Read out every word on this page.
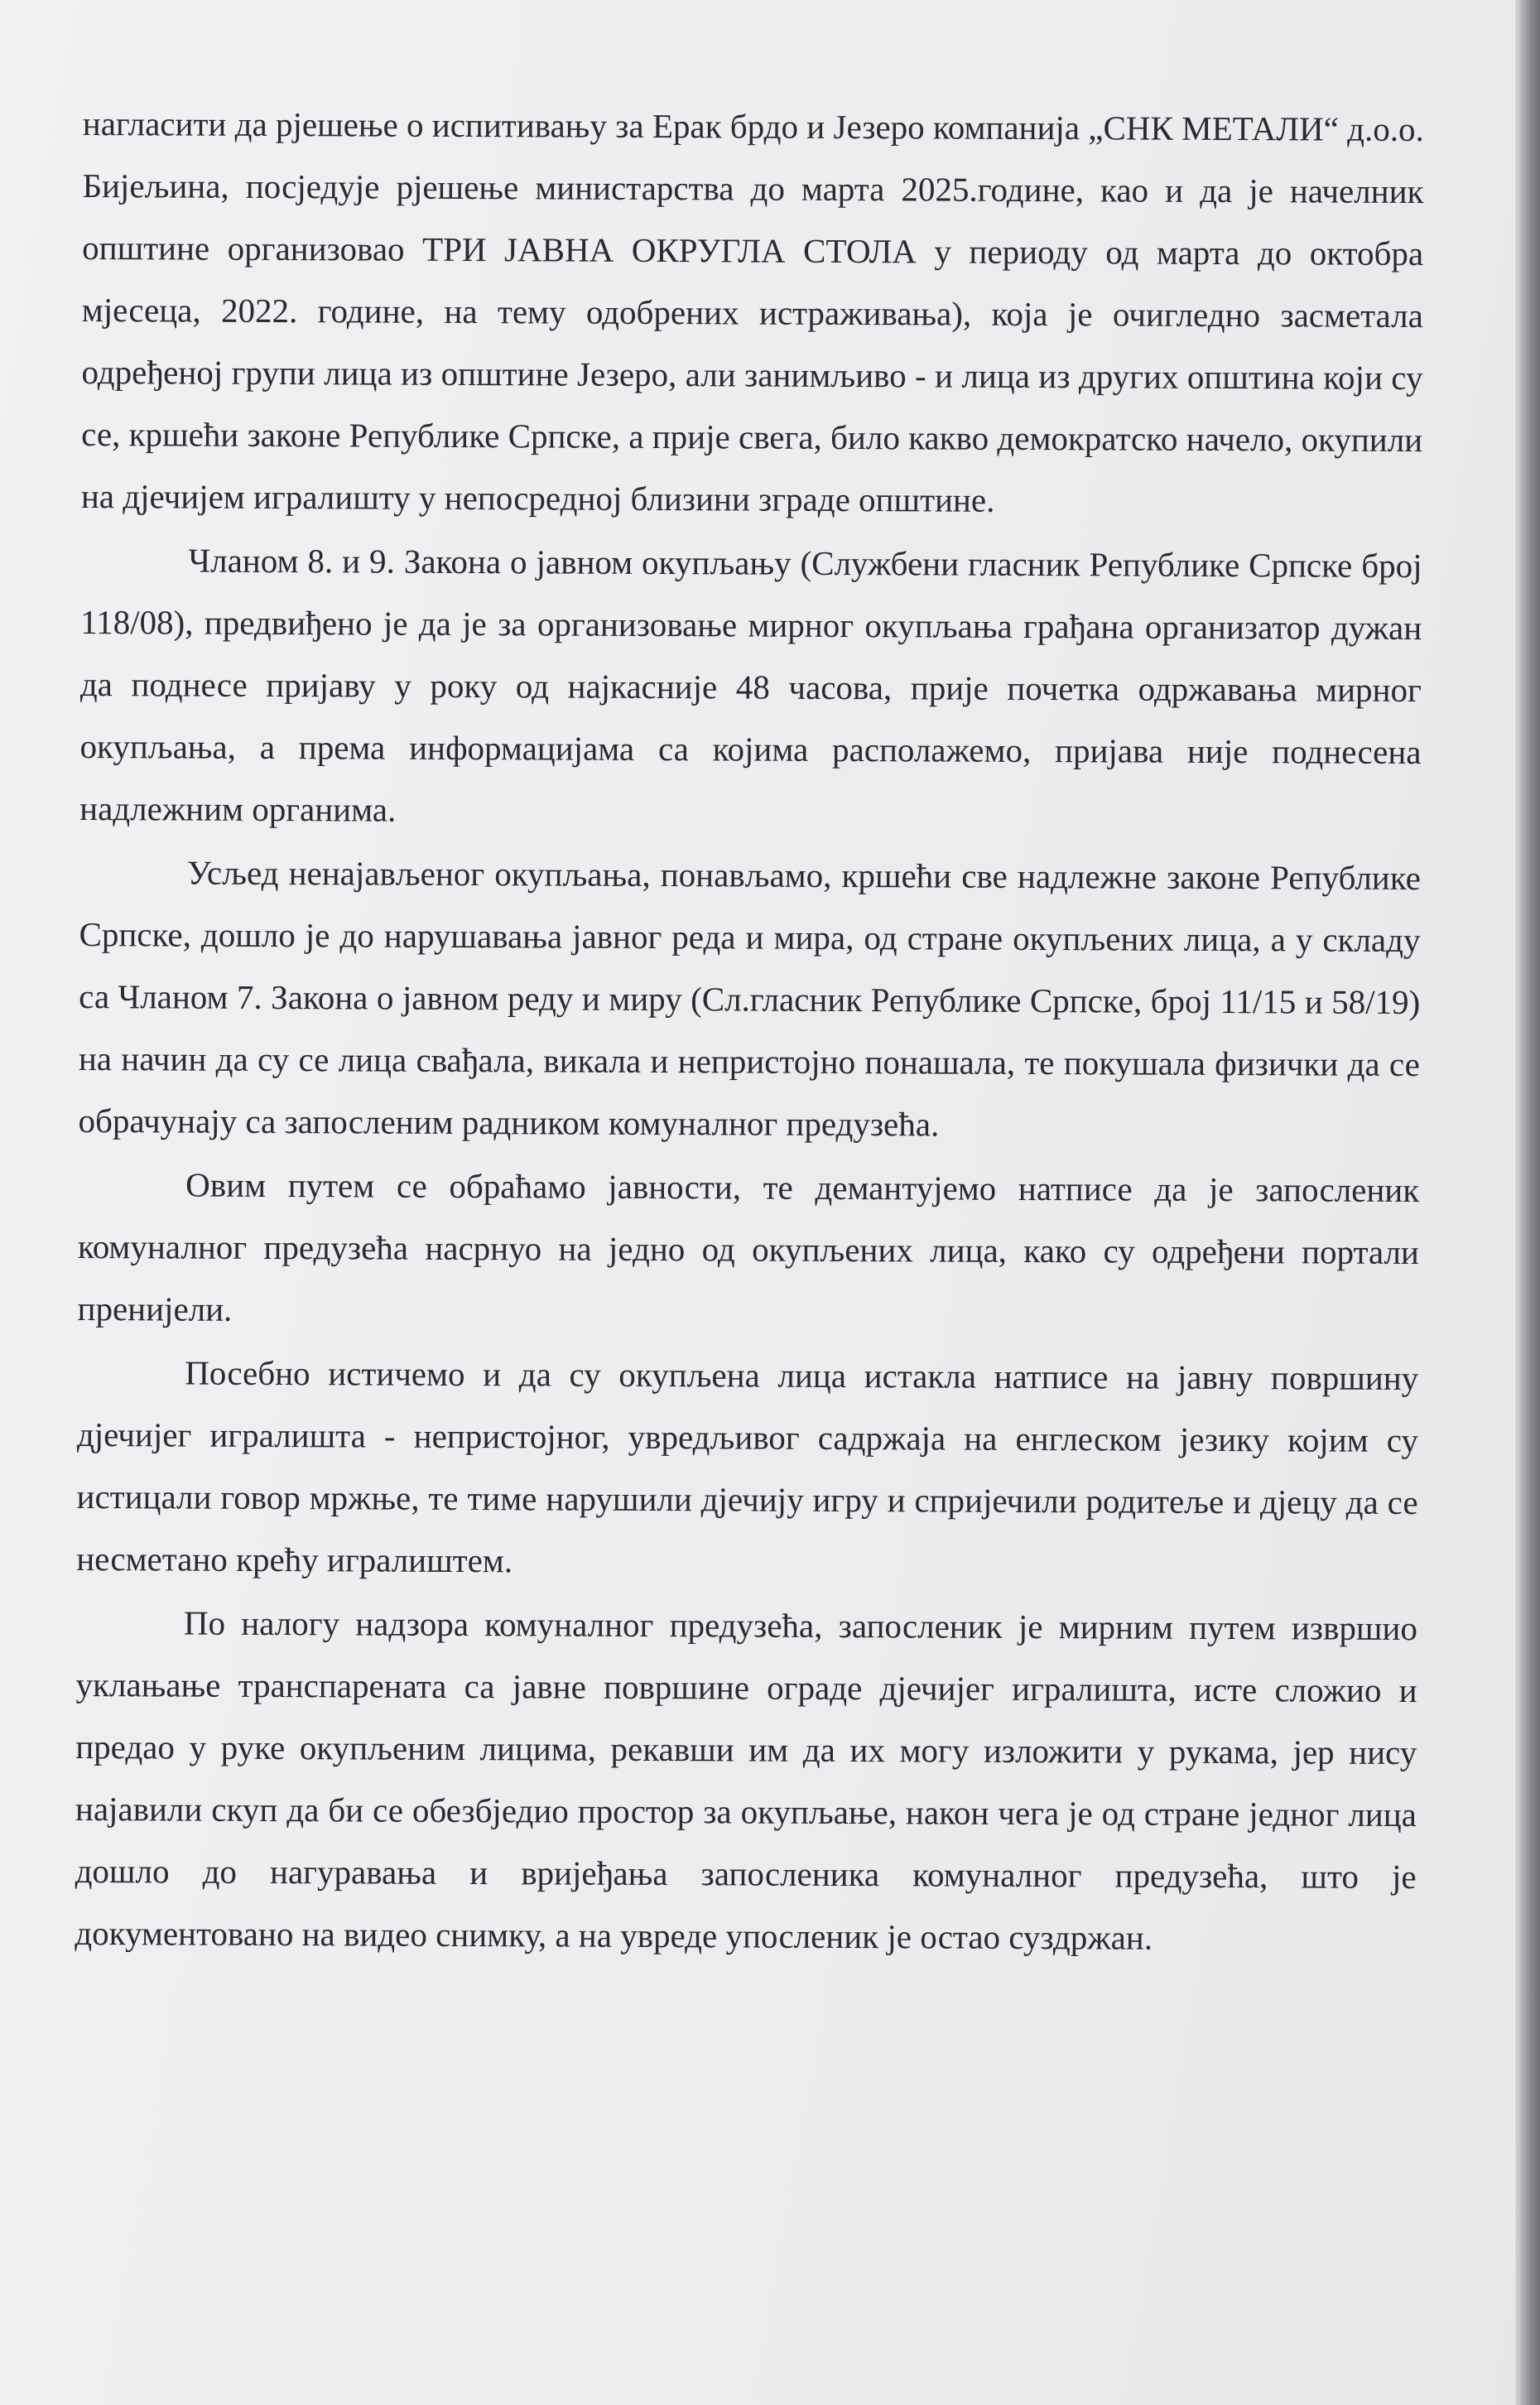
нагласити да рјешење о испитивању за Ерак брдо и Језеро компанија „СНК МЕТАЛИ“ д.о.о. Бијељина, посједује рјешење министарства до марта 2025.године, као и да је начелник општине организовао ТРИ ЈАВНА ОКРУГЛА СТОЛА у периоду од марта до октобра мјесеца, 2022. године, на тему одобрених истраживања), која је очигледно засметала одређеној групи лица из општине Језеро, али занимљиво - и лица из других општина који су се, кршећи законе Републике Српске, а прије свега, било какво демократско начело, окупили на дјечијем игралишту у непосредној близини зграде општине.

Чланом 8. и 9. Закона о јавном окупљању (Службени гласник Републике Српске број 118/08), предвиђено је да је за организовање мирног окупљања грађана организатор дужан да поднесе пријаву у року од најкасније 48 часова, прије почетка одржавања мирног окупљања, а према информацијама са којима располажемо, пријава није поднесена надлежним органима.

Усљед ненајављеног окупљања, понављамо, кршећи све надлежне законе Републике Српске, дошло је до нарушавања јавног реда и мира, од стране окупљених лица, а у складу са Чланом 7. Закона о јавном реду и миру (Сл.гласник Републике Српске, број 11/15 и 58/19) на начин да су се лица свађала, викала и непристојно понашала, те покушала физички да се обрачунају са запосленим радником комуналног предузећа.

Овим путем се обраћамо јавности, те демантујемо натписе да је запосленик комуналног предузећа насрнуо на једно од окупљених лица, како су одређени портали пренијели.

Посебно истичемо и да су окупљена лица истакла натписе на јавну површину дјечијег игралишта - непристојног, увредљивог садржаја на енглеском језику којим су истицали говор мржње, те тиме нарушили дјечију игру и спријечили родитеље и дјецу да се несметано крећу игралиштем.

По налогу надзора комуналног предузећа, запосленик је мирним путем извршио уклањање транспарената са јавне површине ограде дјечијег игралишта, исте сложио и предао у руке окупљеним лицима, рекавши им да их могу изложити у рукама, јер нису најавили скуп да би се обезбједио простор за окупљање, након чега је од стране једног лица дошло до нагуравања и вријеђања запосленика комуналног предузећа, што је документовано на видео снимку, а на увреде упосленик је остао суздржан.
